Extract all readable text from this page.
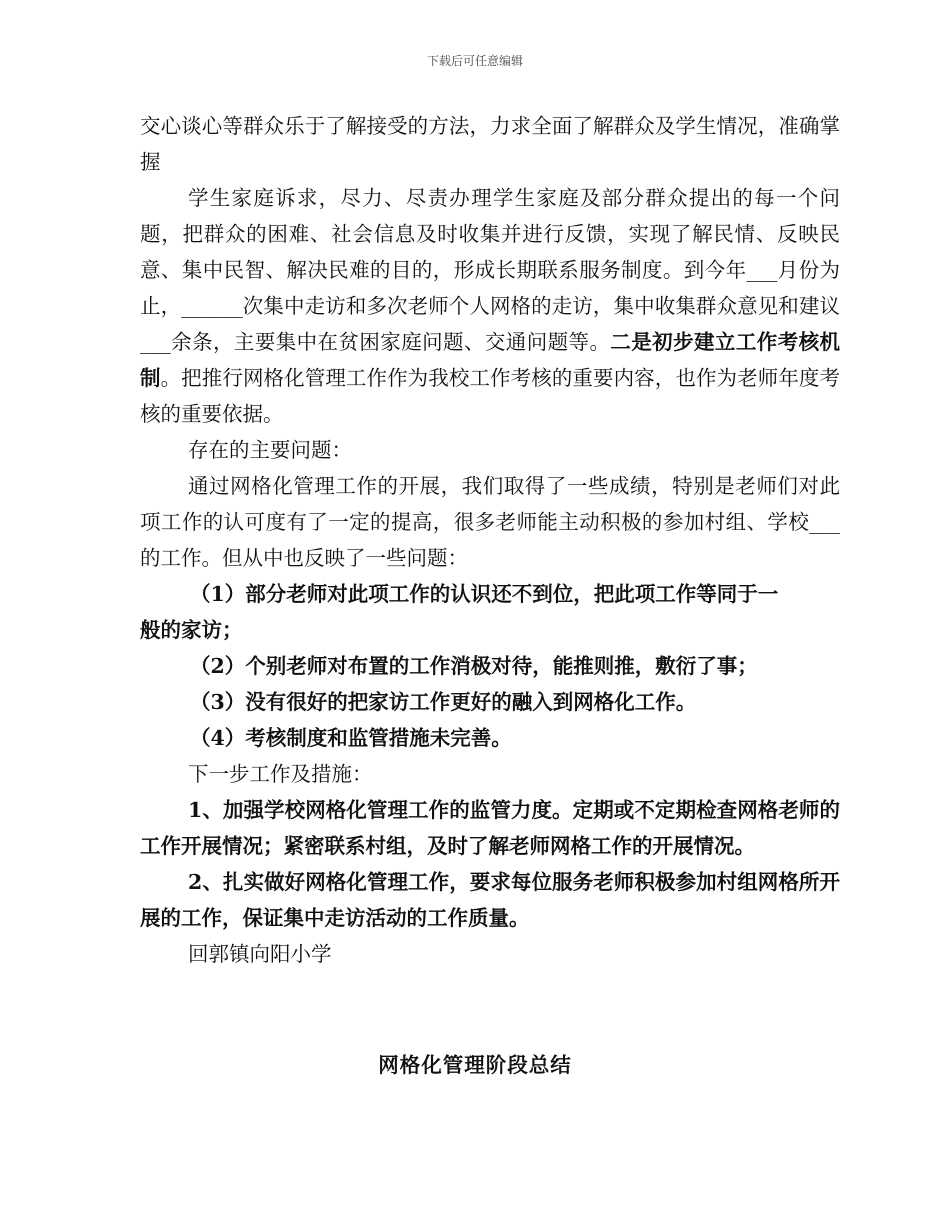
下载后可任意编辑

交心谈心等群众乐于了解接受的方法，力求全面了解群众及学生情况，准确掌握

学生家庭诉求，尽力、尽责办理学生家庭及部分群众提出的每一个问题，把群众的困难、社会信息及时收集并进行反馈，实现了解民情、反映民意、集中民智、解决民难的目的，形成长期联系服务制度。到今年___月份为止，______次集中走访和多次老师个人网格的走访，集中收集群众意见和建议___余条，主要集中在贫困家庭问题、交通问题等。二是初步建立工作考核机制。把推行网格化管理工作作为我校工作考核的重要内容，也作为老师年度考核的重要依据。

存在的主要问题：

通过网格化管理工作的开展，我们取得了一些成绩，特别是老师们对此项工作的认可度有了一定的提高，很多老师能主动积极的参加村组、学校___的工作。但从中也反映了一些问题：

（1）部分老师对此项工作的认识还不到位，把此项工作等同于一

般的家访；

（2）个别老师对布置的工作消极对待，能推则推，敷衍了事；

（3）没有很好的把家访工作更好的融入到网格化工作。

（4）考核制度和监管措施未完善。

下一步工作及措施：

1、加强学校网格化管理工作的监管力度。定期或不定期检查网格老师的工作开展情况；紧密联系村组，及时了解老师网格工作的开展情况。

2、扎实做好网格化管理工作，要求每位服务老师积极参加村组网格所开展的工作，保证集中走访活动的工作质量。

回郭镇向阳小学

网格化管理阶段总结
